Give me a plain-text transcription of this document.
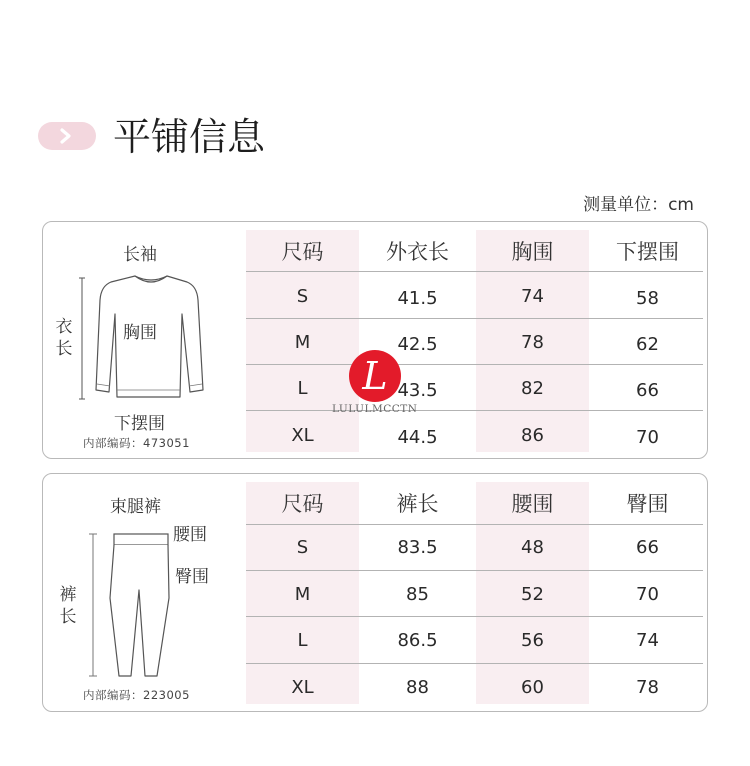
平铺信息
测量单位：cm
尺码	外衣长	胸围	下摆围
S	41.5	74	58
M	42.5	78	62
L	43.5	82	66
XL	44.5	86	70
长袖
衣长
胸围
下摆围
内部编码：473051
尺码	裤长	腰围	臀围
S	83.5	48	66
M	85	52	70
L	86.5	56	74
XL	88	60	78
束腿裤
腰围
臀围
裤长
内部编码：223005
L
LULULMCCTN
